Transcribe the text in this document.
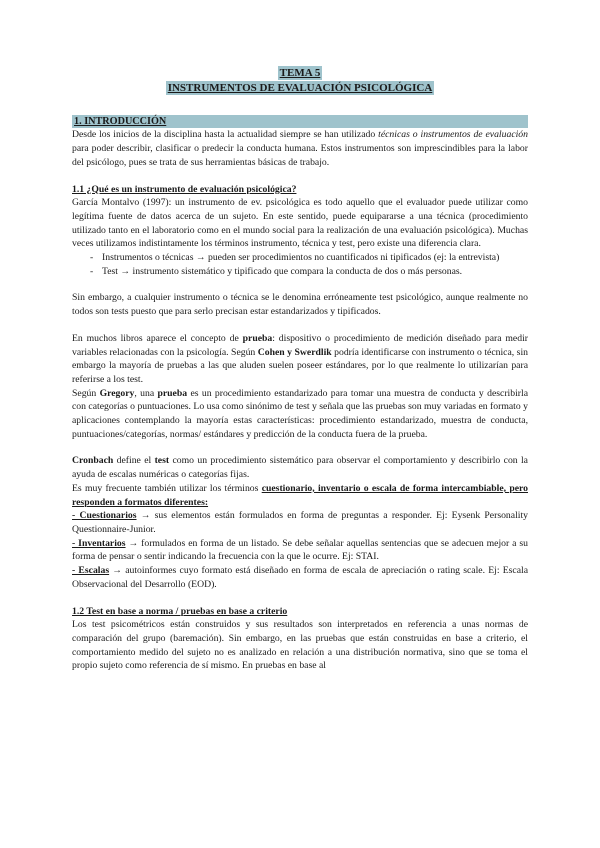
TEMA 5
INSTRUMENTOS DE EVALUACIÓN PSICOLÓGICA
1. INTRODUCCIÓN

Desde los inicios de la disciplina hasta la actualidad siempre se han utilizado técnicas o instrumentos de evaluación para poder describir, clasificar o predecir la conducta humana. Estos instrumentos son imprescindibles para la labor del psicólogo, pues se trata de sus herramientas básicas de trabajo.

1.1 ¿Qué es un instrumento de evaluación psicológica?

García Montalvo (1997): un instrumento de ev. psicológica es todo aquello que el evaluador puede utilizar como legítima fuente de datos acerca de un sujeto. En este sentido, puede equipararse a una técnica (procedimiento utilizado tanto en el laboratorio como en el mundo social para la realización de una evaluación psicológica). Muchas veces utilizamos indistintamente los términos instrumento, técnica y test, pero existe una diferencia clara.

- Instrumentos o técnicas → pueden ser procedimientos no cuantificados ni tipificados (ej: la entrevista)
- Test → instrumento sistemático y tipificado que compara la conducta de dos o más personas.

Sin embargo, a cualquier instrumento o técnica se le denomina erróneamente test psicológico, aunque realmente no todos son tests puesto que para serlo precisan estar estandarizados y tipificados.

En muchos libros aparece el concepto de prueba: dispositivo o procedimiento de medición diseñado para medir variables relacionadas con la psicología. Según Cohen y Swerdlik podría identificarse con instrumento o técnica, sin embargo la mayoría de pruebas a las que aluden suelen poseer estándares, por lo que realmente lo utilizarían para referirse a los test.

Según Gregory, una prueba es un procedimiento estandarizado para tomar una muestra de conducta y describirla con categorías o puntuaciones. Lo usa como sinónimo de test y señala que las pruebas son muy variadas en formato y aplicaciones contemplando la mayoría estas características: procedimiento estandarizado, muestra de conducta, puntuaciones/categorías, normas/ estándares y predicción de la conducta fuera de la prueba.

Cronbach define el test como un procedimiento sistemático para observar el comportamiento y describirlo con la ayuda de escalas numéricas o categorías fijas.

Es muy frecuente también utilizar los términos cuestionario, inventario o escala de forma intercambiable, pero responden a formatos diferentes:

- Cuestionarios → sus elementos están formulados en forma de preguntas a responder. Ej: Eysenk Personality Questionnaire-Junior.

- Inventarios → formulados en forma de un listado. Se debe señalar aquellas sentencias que se adecuen mejor a su forma de pensar o sentir indicando la frecuencia con la que le ocurre. Ej: STAI.

- Escalas → autoinformes cuyo formato está diseñado en forma de escala de apreciación o rating scale. Ej: Escala Observacional del Desarrollo (EOD).

1.2 Test en base a norma / pruebas en base a criterio

Los test psicométricos están construidos y sus resultados son interpretados en referencia a unas normas de comparación del grupo (baremación). Sin embargo, en las pruebas que están construidas en base a criterio, el comportamiento medido del sujeto no es analizado en relación a una distribución normativa, sino que se toma el propio sujeto como referencia de sí mismo. En pruebas en base al
